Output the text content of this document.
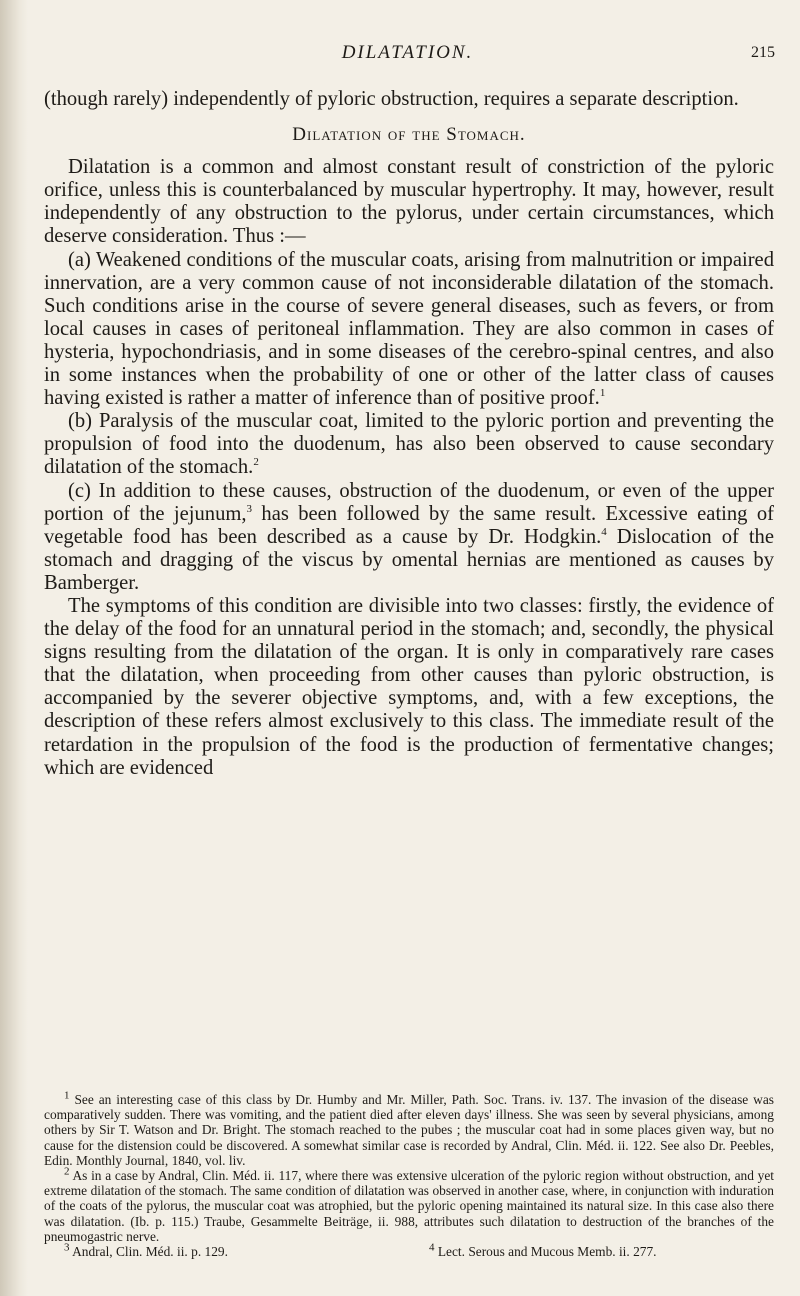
DILATATION.	215

(though rarely) independently of pyloric obstruction, requires a separate description.

Dilatation of the Stomach.

Dilatation is a common and almost constant result of constriction of the pyloric orifice, unless this is counterbalanced by muscular hypertrophy. It may, however, result independently of any obstruction to the pylorus, under certain circumstances, which deserve consideration. Thus :—

(a) Weakened conditions of the muscular coats, arising from malnutrition or impaired innervation, are a very common cause of not inconsiderable dilatation of the stomach. Such conditions arise in the course of severe general diseases, such as fevers, or from local causes in cases of peritoneal inflammation. They are also common in cases of hysteria, hypochondriasis, and in some diseases of the cerebro-spinal centres, and also in some instances when the probability of one or other of the latter class of causes having existed is rather a matter of inference than of positive proof.$^1$

(b) Paralysis of the muscular coat, limited to the pyloric portion and preventing the propulsion of food into the duodenum, has also been observed to cause secondary dilatation of the stomach.$^2$

(c) In addition to these causes, obstruction of the duodenum, or even of the upper portion of the jejunum,$^3$ has been followed by the same result. Excessive eating of vegetable food has been described as a cause by Dr. Hodgkin.$^4$ Dislocation of the stomach and dragging of the viscus by omental hernias are mentioned as causes by Bamberger.

The symptoms of this condition are divisible into two classes: firstly, the evidence of the delay of the food for an unnatural period in the stomach; and, secondly, the physical signs resulting from the dilatation of the organ. It is only in comparatively rare cases that the dilatation, when proceeding from other causes than pyloric obstruction, is accompanied by the severer objective symptoms, and, with a few exceptions, the description of these refers almost exclusively to this class. The immediate result of the retardation in the propulsion of the food is the production of fermentative changes; which are evidenced

$^1$ See an interesting case of this class by Dr. Humby and Mr. Miller, Path. Soc. Trans. iv. 137. The invasion of the disease was comparatively sudden. There was vomiting, and the patient died after eleven days' illness. She was seen by several physicians, among others by Sir T. Watson and Dr. Bright. The stomach reached to the pubes ; the muscular coat had in some places given way, but no cause for the distension could be discovered. A somewhat similar case is recorded by Andral, Clin. Méd. ii. 122. See also Dr. Peebles, Edin. Monthly Journal, 1840, vol. liv.

$^2$ As in a case by Andral, Clin. Méd. ii. 117, where there was extensive ulceration of the pyloric region without obstruction, and yet extreme dilatation of the stomach. The same condition of dilatation was observed in another case, where, in conjunction with induration of the coats of the pylorus, the muscular coat was atrophied, but the pyloric opening maintained its natural size. In this case also there was dilatation. (Ib. p. 115.) Traube, Gesammelte Beiträge, ii. 988, attributes such dilatation to destruction of the branches of the pneumogastric nerve.

$^3$ Andral, Clin. Méd. ii. p. 129.	$^4$ Lect. Serous and Mucous Memb. ii. 277.
